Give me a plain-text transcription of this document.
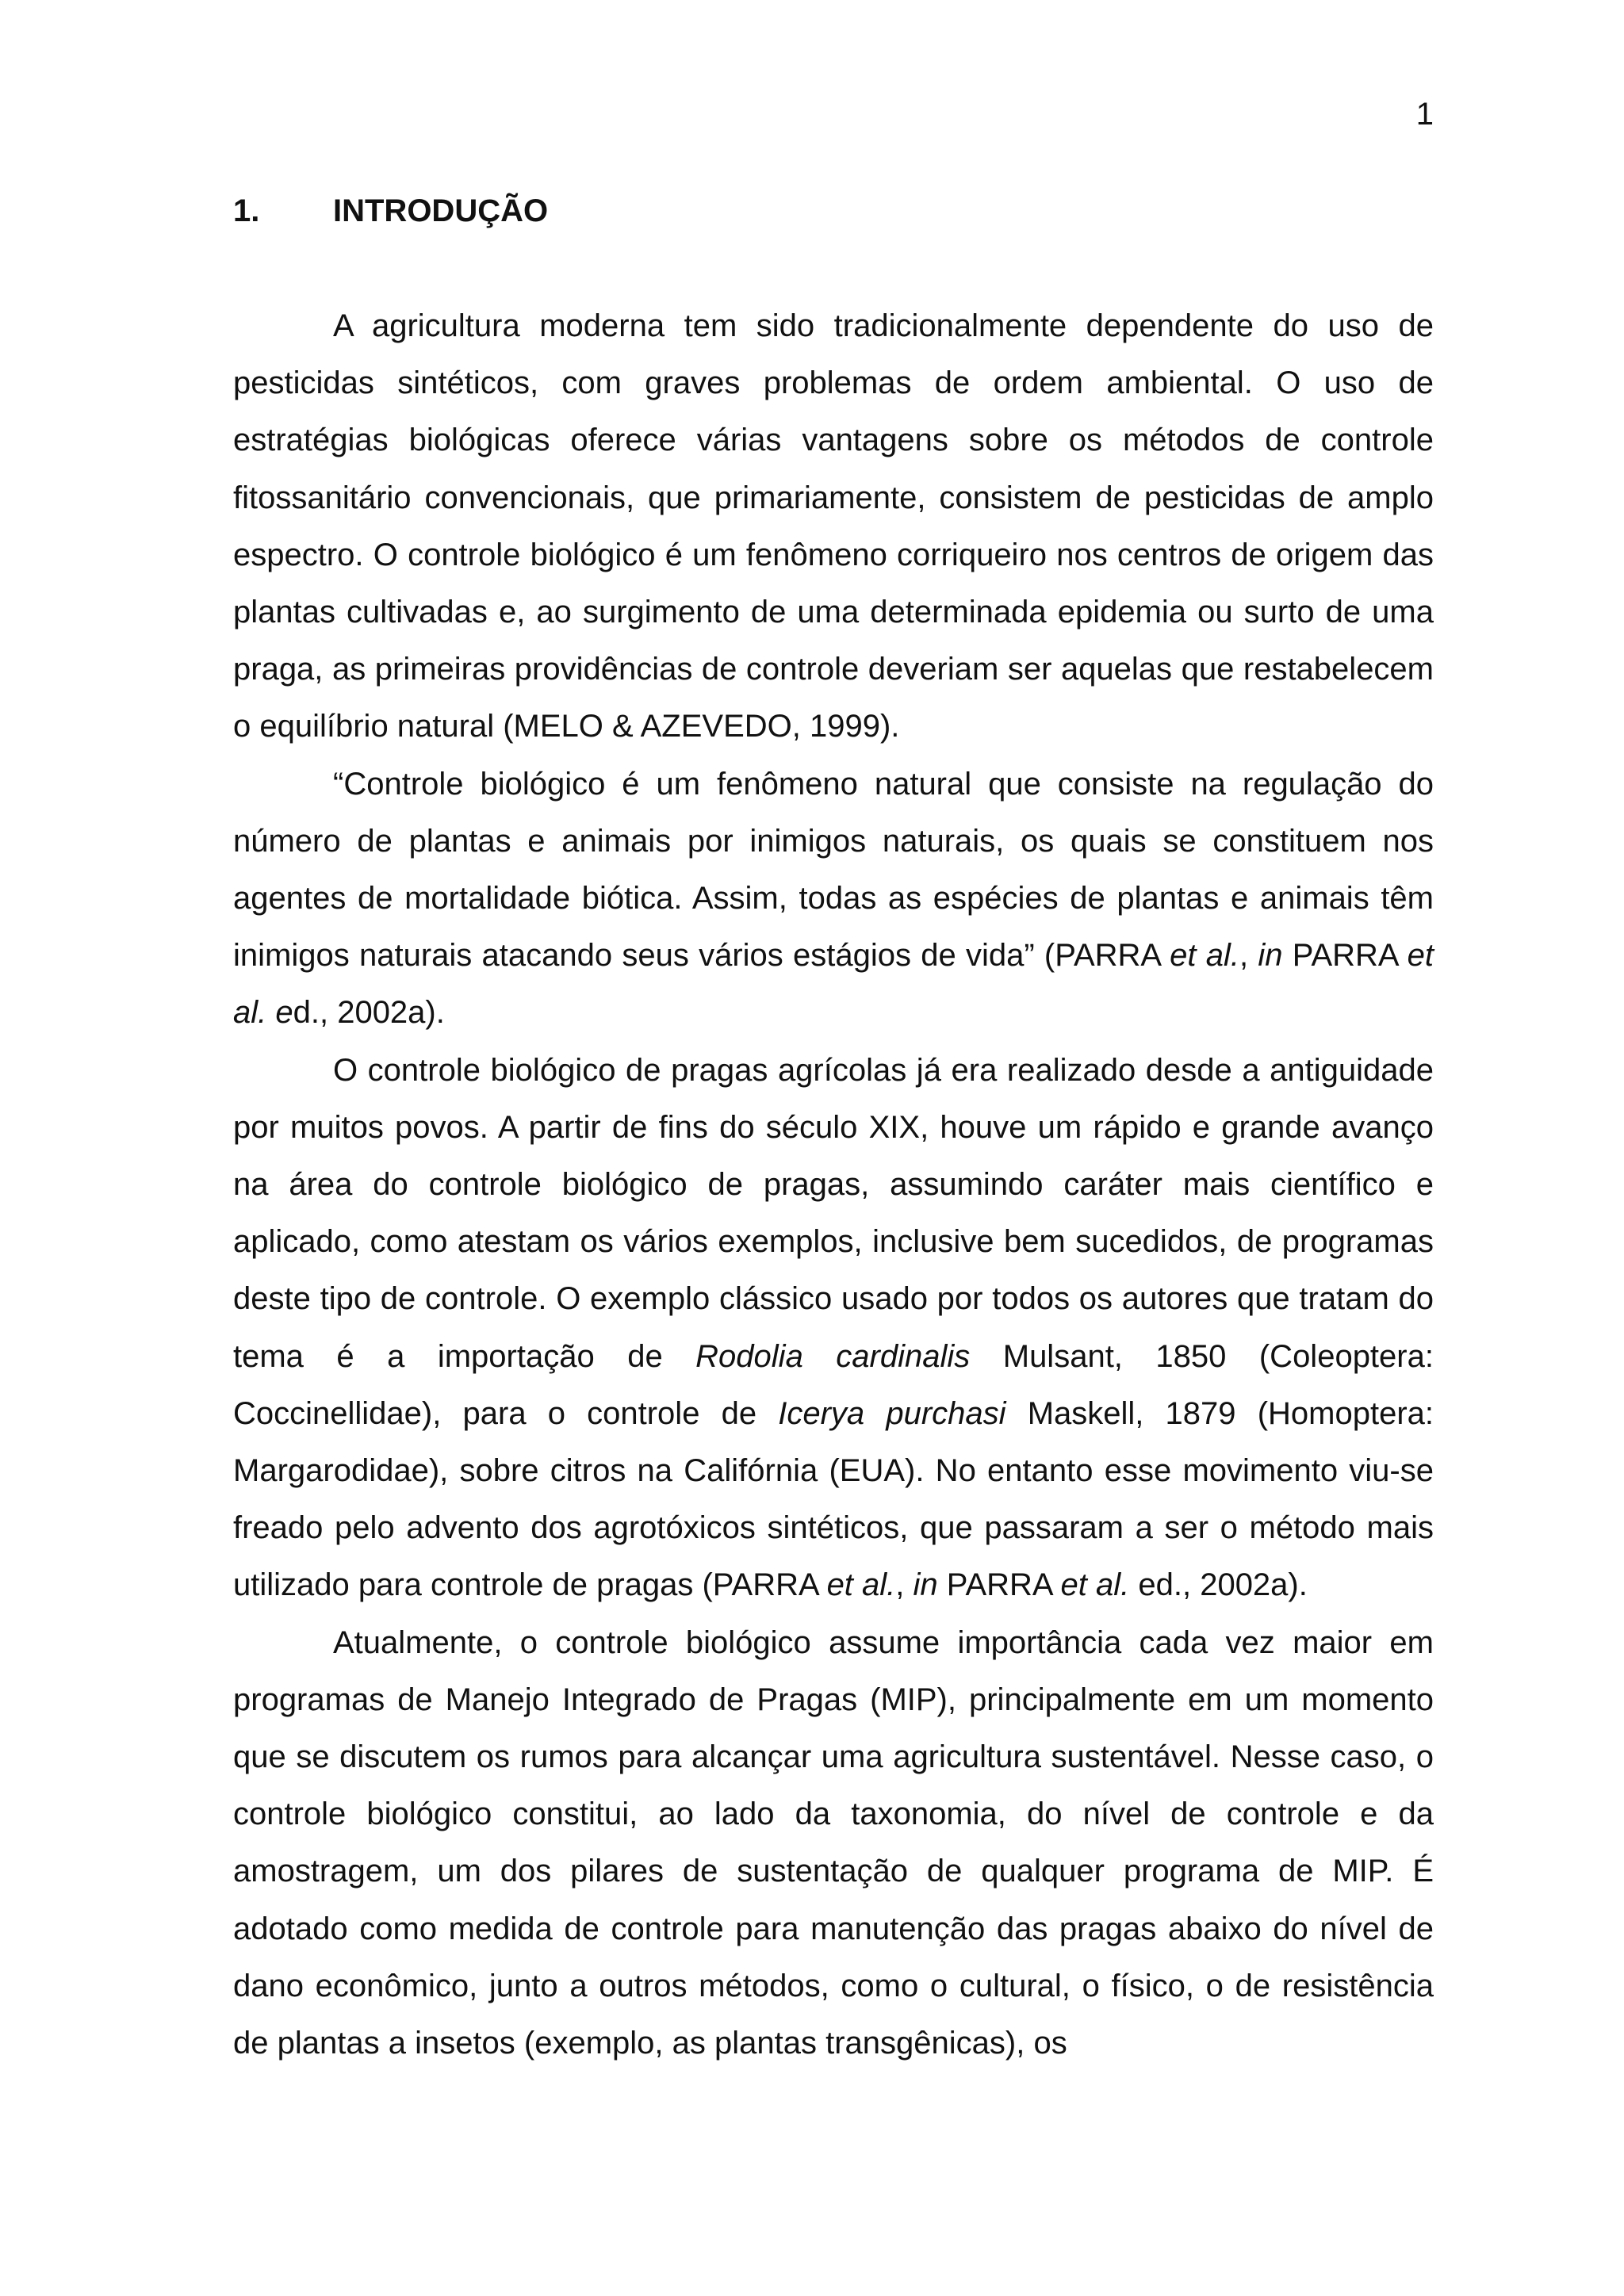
1
1. INTRODUÇÃO

A agricultura moderna tem sido tradicionalmente dependente do uso de pesticidas sintéticos, com graves problemas de ordem ambiental. O uso de estratégias biológicas oferece várias vantagens sobre os métodos de controle fitossanitário convencionais, que primariamente, consistem de pesticidas de amplo espectro. O controle biológico é um fenômeno corriqueiro nos centros de origem das plantas cultivadas e, ao surgimento de uma determinada epidemia ou surto de uma praga, as primeiras providências de controle deveriam ser aquelas que restabelecem o equilíbrio natural (MELO & AZEVEDO, 1999).

“Controle biológico é um fenômeno natural que consiste na regulação do número de plantas e animais por inimigos naturais, os quais se constituem nos agentes de mortalidade biótica. Assim, todas as espécies de plantas e animais têm inimigos naturais atacando seus vários estágios de vida” (PARRA et al., in PARRA et al. ed., 2002a).

O controle biológico de pragas agrícolas já era realizado desde a antiguidade por muitos povos. A partir de fins do século XIX, houve um rápido e grande avanço na área do controle biológico de pragas, assumindo caráter mais científico e aplicado, como atestam os vários exemplos, inclusive bem sucedidos, de programas deste tipo de controle. O exemplo clássico usado por todos os autores que tratam do tema é a importação de Rodolia cardinalis Mulsant, 1850 (Coleoptera: Coccinellidae), para o controle de Icerya purchasi Maskell, 1879 (Homoptera: Margarodidae), sobre citros na Califórnia (EUA). No entanto esse movimento viu-se freado pelo advento dos agrotóxicos sintéticos, que passaram a ser o método mais utilizado para controle de pragas (PARRA et al., in PARRA et al. ed., 2002a).

Atualmente, o controle biológico assume importância cada vez maior em programas de Manejo Integrado de Pragas (MIP), principalmente em um momento que se discutem os rumos para alcançar uma agricultura sustentável. Nesse caso, o controle biológico constitui, ao lado da taxonomia, do nível de controle e da amostragem, um dos pilares de sustentação de qualquer programa de MIP. É adotado como medida de controle para manutenção das pragas abaixo do nível de dano econômico, junto a outros métodos, como o cultural, o físico, o de resistência de plantas a insetos (exemplo, as plantas transgênicas), os
